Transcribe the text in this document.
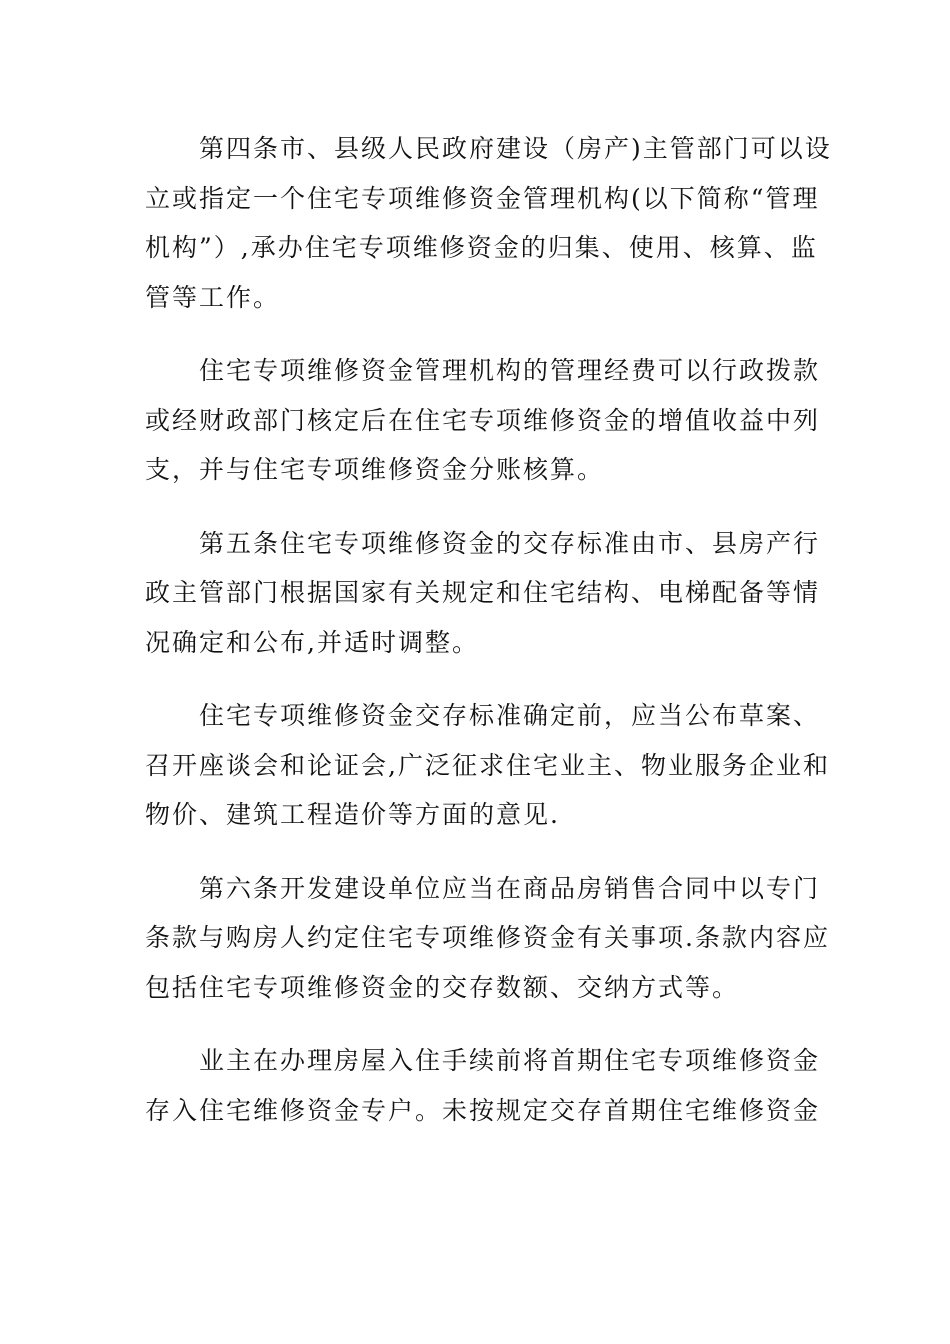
第四条市、县级人民政府建设（房产)主管部门可以设
立或指定一个住宅专项维修资金管理机构(以下简称“管理
机构”）,承办住宅专项维修资金的归集、使用、核算、监
管等工作。
住宅专项维修资金管理机构的管理经费可以行政拨款
或经财政部门核定后在住宅专项维修资金的增值收益中列
支，并与住宅专项维修资金分账核算。
第五条住宅专项维修资金的交存标准由市、县房产行
政主管部门根据国家有关规定和住宅结构、电梯配备等情
况确定和公布,并适时调整。
住宅专项维修资金交存标准确定前，应当公布草案、
召开座谈会和论证会,广泛征求住宅业主、物业服务企业和
物价、建筑工程造价等方面的意见.
第六条开发建设单位应当在商品房销售合同中以专门
条款与购房人约定住宅专项维修资金有关事项.条款内容应
包括住宅专项维修资金的交存数额、交纳方式等。
业主在办理房屋入住手续前将首期住宅专项维修资金
存入住宅维修资金专户。未按规定交存首期住宅维修资金
